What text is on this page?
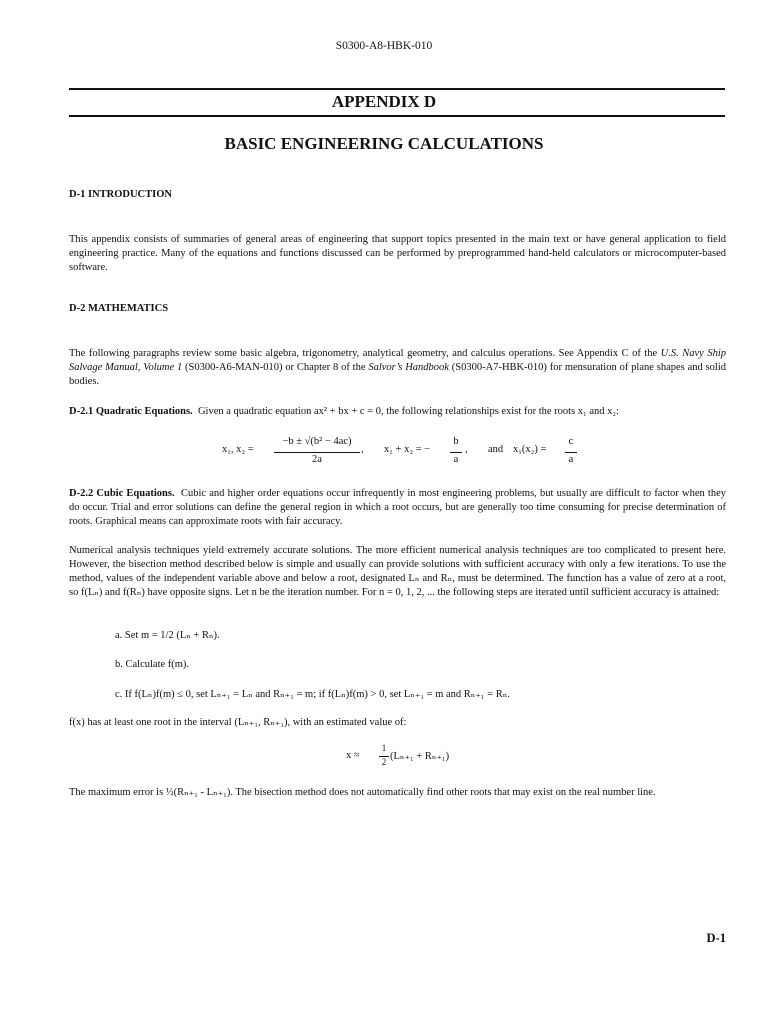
S0300-A8-HBK-010
APPENDIX D
BASIC ENGINEERING CALCULATIONS
D-1 INTRODUCTION
This appendix consists of summaries of general areas of engineering that support topics presented in the main text or have general application to field engineering practice. Many of the equations and functions discussed can be performed by preprogrammed hand-held calculators or microcomputer-based software.
D-2 MATHEMATICS
The following paragraphs review some basic algebra, trigonometry, analytical geometry, and calculus operations. See Appendix C of the U.S. Navy Ship Salvage Manual, Volume 1 (S0300-A6-MAN-010) or Chapter 8 of the Salvor’s Handbook (S0300-A7-HBK-010) for mensuration of plane shapes and solid bodies.
D-2.1 Quadratic Equations. Given a quadratic equation ax² + bx + c = 0, the following relationships exist for the roots x₁ and x₂:
x₁, x₂ =
−b ± √(b² − 4ac)
2a
, x₁ + x₂ = −
b
a
, and x₁(x₂) =
c
a
D-2.2 Cubic Equations. Cubic and higher order equations occur infrequently in most engineering problems, but usually are difficult to factor when they do occur. Trial and error solutions can define the general region in which a root occurs, but are generally too time consuming for precise determination of roots. Graphical means can approximate roots with fair accuracy.
Numerical analysis techniques yield extremely accurate solutions. The more efficient numerical analysis techniques are too complicated to present here. However, the bisection method described below is simple and usually can provide solutions with sufficient accuracy with only a few iterations. To use the method, values of the independent variable above and below a root, designated Lₙ and Rₙ, must be determined. The function has a value of zero at a root, so f(Lₙ) and f(Rₙ) have opposite signs. Let n be the iteration number. For n = 0, 1, 2, ... the following steps are iterated until sufficient accuracy is attained:
a. Set m = 1/2 (Lₙ + Rₙ).
b. Calculate f(m).
c. If f(Lₙ)f(m) ≤ 0, set Lₙ₊₁ = Lₙ and Rₙ₊₁ = m; if f(Lₙ)f(m) > 0, set Lₙ₊₁ = m and Rₙ₊₁ = Rₙ.
f(x) has at least one root in the interval (Lₙ₊₁, Rₙ₊₁), with an estimated value of:
x ≈
1
2 (Lₙ₊₁ + Rₙ₊₁)
The maximum error is ½(Rₙ₊₁ - Lₙ₊₁). The bisection method does not automatically find other roots that may exist on the real number line.
D-1
